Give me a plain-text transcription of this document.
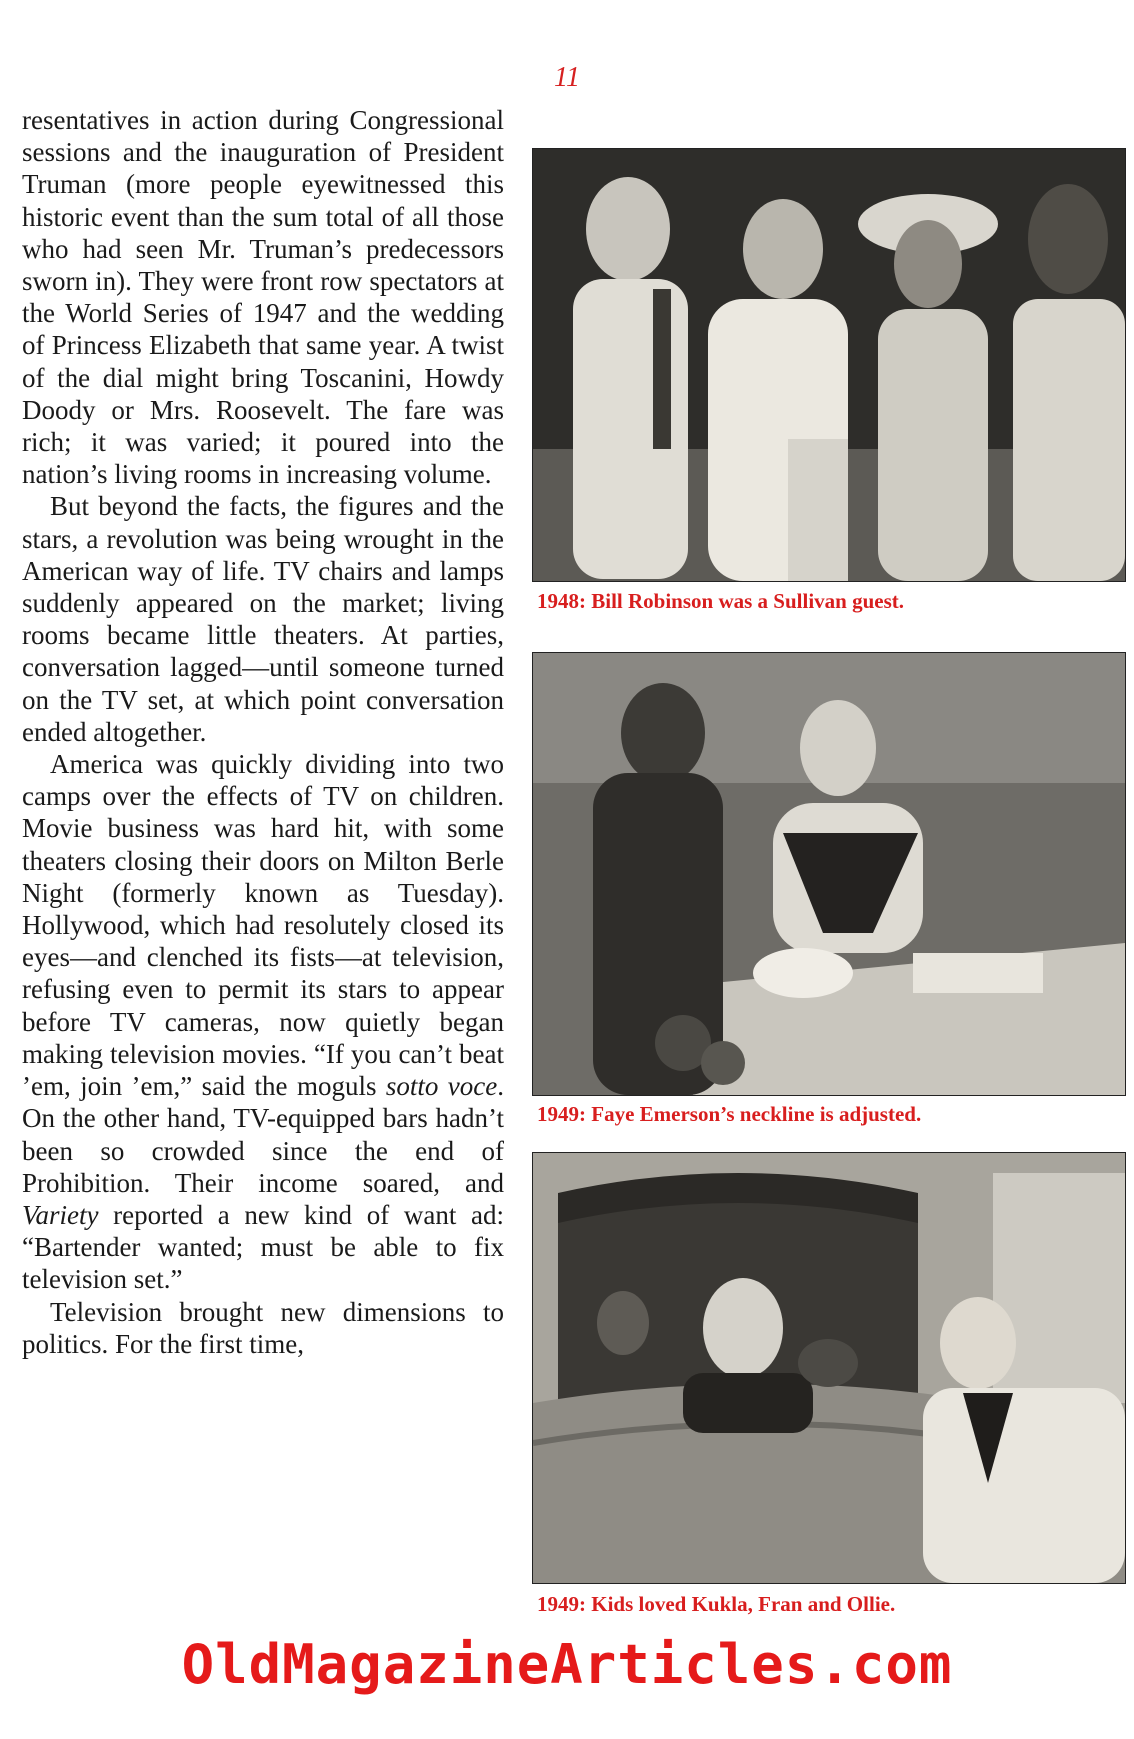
11

resentatives in action during Congressional sessions and the inauguration of President Truman (more people eyewitnessed this historic event than the sum total of all those who had seen Mr. Truman’s predecessors sworn in). They were front row spectators at the World Series of 1947 and the wedding of Princess Elizabeth that same year. A twist of the dial might bring Toscanini, Howdy Doody or Mrs. Roosevelt. The fare was rich; it was varied; it poured into the nation’s living rooms in increasing volume.

But beyond the facts, the figures and the stars, a revolution was being wrought in the American way of life. TV chairs and lamps suddenly appeared on the market; living rooms became little theaters. At parties, conversation lagged—until someone turned on the TV set, at which point conversation ended altogether.

America was quickly dividing into two camps over the effects of TV on children. Movie business was hard hit, with some theaters closing their doors on Milton Berle Night (formerly known as Tuesday). Hollywood, which had resolutely closed its eyes—and clenched its fists—at television, refusing even to permit its stars to appear before TV cameras, now quietly began making television movies. “If you can’t beat ’em, join ’em,” said the moguls sotto voce. On the other hand, TV-equipped bars hadn’t been so crowded since the end of Prohibition. Their income soared, and Variety reported a new kind of want ad: “Bartender wanted; must be able to fix television set.”

Television brought new dimensions to politics. For the first time,

1948: Bill Robinson was a Sullivan guest.
1949: Faye Emerson’s neckline is adjusted.
1949: Kids loved Kukla, Fran and Ollie.
OldMagazineArticles.com
